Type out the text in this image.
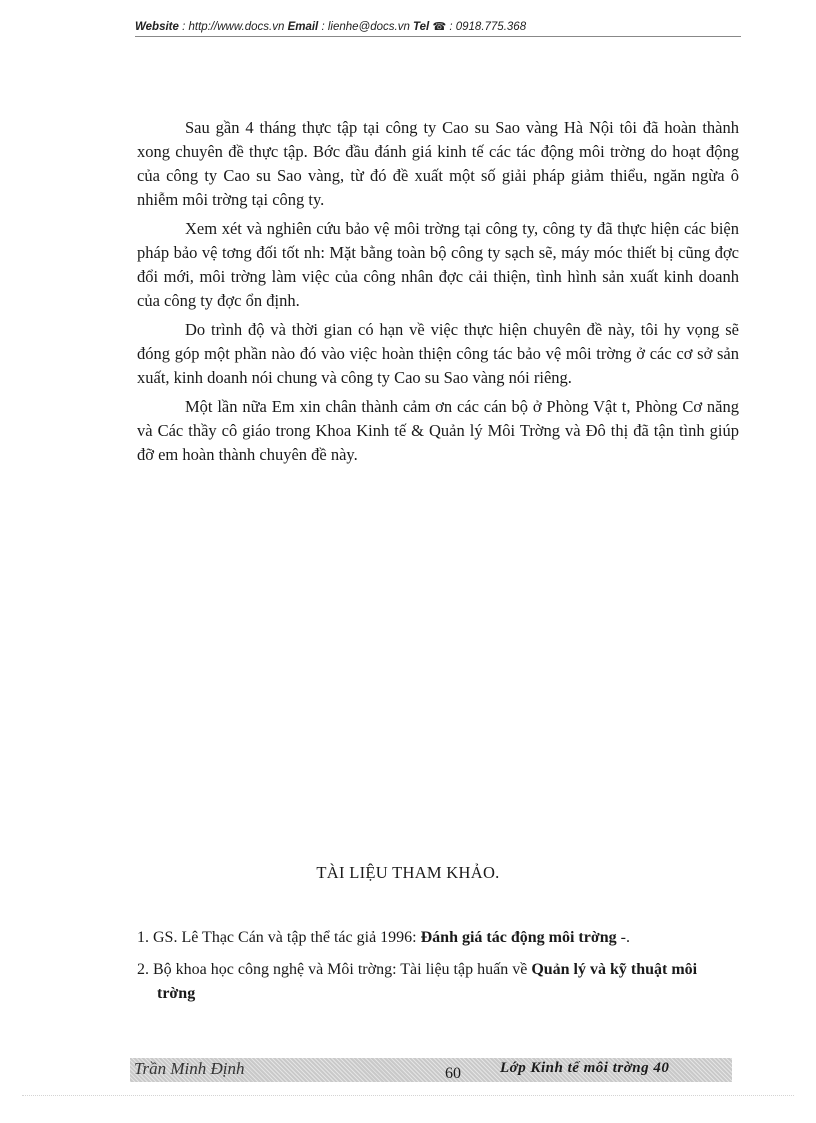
Website : http://www.docs.vn Email : lienhe@docs.vn Tel ☎ : 0918.775.368

Sau gần 4 tháng thực tập tại công ty Cao su Sao vàng Hà Nội tôi đã hoàn thành xong chuyên đề thực tập. Bớc đầu đánh giá kinh tế các tác động môi trờng do hoạt động của công ty Cao su Sao vàng, từ đó đề xuất một số giải pháp giảm thiểu, ngăn ngừa ô nhiễm môi trờng tại công ty.

Xem xét và nghiên cứu bảo vệ môi trờng tại công ty, công ty đã thực hiện các biện pháp bảo vệ tơng đối tốt nh: Mặt bằng toàn bộ công ty sạch sẽ, máy móc thiết bị cũng đợc đổi mới, môi trờng làm việc của công nhân đợc cải thiện, tình hình sản xuất kinh doanh của công ty đợc ổn định.

Do trình độ và thời gian có hạn về việc thực hiện chuyên đề này, tôi hy vọng sẽ đóng góp một phần nào đó vào việc hoàn thiện công tác bảo vệ môi trờng ở các cơ sở sản xuất, kinh doanh nói chung và công ty Cao su Sao vàng nói riêng.

Một lần nữa Em xin chân thành cảm ơn các cán bộ ở Phòng Vật t, Phòng Cơ năng và Các thầy cô giáo trong Khoa Kinh tế & Quản lý Môi Trờng và Đô thị đã tận tình giúp đỡ em hoàn thành chuyên đề này.

TÀI LIỆU THAM KHẢO.
1. GS. Lê Thạc Cán và tập thể tác giả 1996: Đánh giá tác động môi trờng -.
2. Bộ khoa học công nghệ và Môi trờng: Tài liệu tập huấn về Quản lý và kỹ thuật môi trờng
Trần Minh Định	60	Lớp Kinh tế môi trờng 40
